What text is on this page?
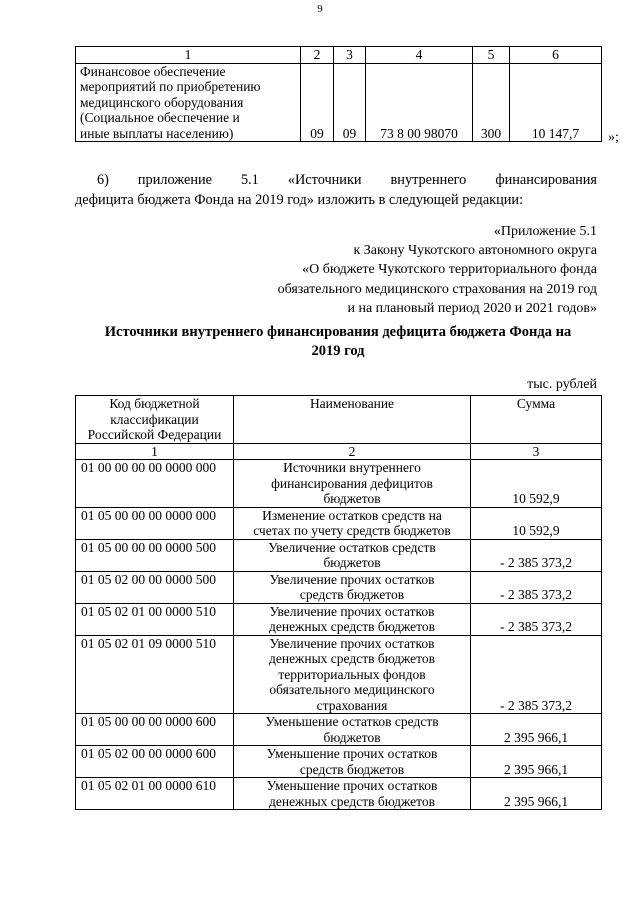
9
1	2	3	4	5	6

Финансовое обеспечение
мероприятий по приобретению
медицинского оборудования
(Социальное обеспечение и
иные выплаты населению)	09	09	73 8 00 98070	300	10 147,7 »;
6) приложение 5.1 «Источники внутреннего финансирования
дефицита бюджета Фонда на 2019 год» изложить в следующей редакции:
«Приложение 5.1
к Закону Чукотского автономного округа
«О бюджете Чукотского территориального фонда
обязательного медицинского страхования на 2019 год
и на плановый период 2020 и 2021 годов»
Источники внутреннего финансирования дефицита бюджета Фонда на
2019 год
тыс. рублей
Код бюджетной
классификации
Российской Федерации	Наименование	Сумма
1	2	3
01 00 00 00 00 0000 000	Источники внутреннего
финансирования дефицитов
бюджетов	10 592,9
01 05 00 00 00 0000 000	Изменение остатков средств на
счетах по учету средств бюджетов	10 592,9
01 05 00 00 00 0000 500	Увеличение остатков средств
бюджетов	- 2 385 373,2
01 05 02 00 00 0000 500	Увеличение прочих остатков
средств бюджетов	- 2 385 373,2
01 05 02 01 00 0000 510	Увеличение прочих остатков
денежных средств бюджетов	- 2 385 373,2
01 05 02 01 09 0000 510	Увеличение прочих остатков
денежных средств бюджетов
территориальных фондов
обязательного медицинского
страхования	- 2 385 373,2
01 05 00 00 00 0000 600	Уменьшение остатков средств
бюджетов	2 395 966,1
01 05 02 00 00 0000 600	Уменьшение прочих остатков
средств бюджетов	2 395 966,1
01 05 02 01 00 0000 610	Уменьшение прочих остатков
денежных средств бюджетов	2 395 966,1
